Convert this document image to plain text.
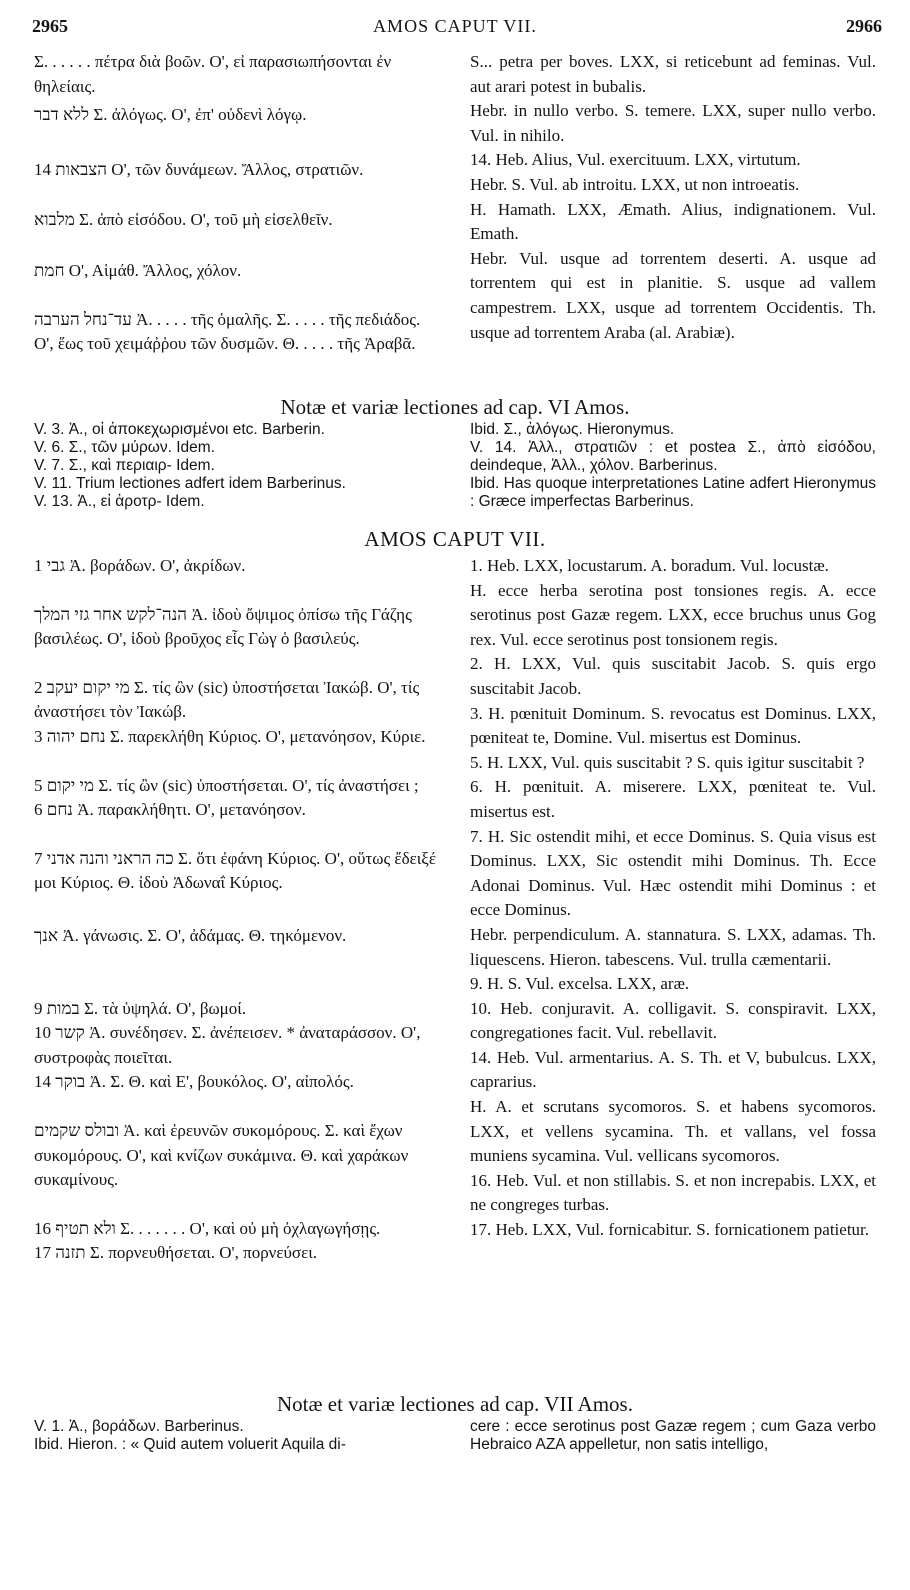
2965	AMOS CAPUT VII.	2966
Σ. . . . . . πέτρα διὰ βοῶν. Ο', εἰ παρασιωπήσονται ἐν θηλείαις.
ללא דבר Σ. ἀλόγως. Ο', ἐπ' οὐδενὶ λόγῳ.
הצבאות 14 Ο', τῶν δυνάμεων. Ἄλλος, στρατιῶν.
מלבוא Σ. ἀπὸ εἰσόδου. Ο', τοῦ μὴ εἰσελθεῖν.
חמת Ο', Αἱμάθ. Ἄλλος, χόλον.
עד־נחל הערבה Ἀ. . . . . τῆς ὁμαλῆς. Σ. . . . . τῆς πεδιάδος. Ο', ἕως τοῦ χειμάῤῥου τῶν δυσμῶν. Θ. . . . . τῆς Ἀραβᾶ.
S... petra per boves. LXX, si reticebunt ad feminas. Vul. aut arari potest in bubalis.
Hebr. in nullo verbo. S. temere. LXX, super nullo verbo. Vul. in nihilo.
14. Heb. Alius, Vul. exercituum. LXX, virtutum.
Hebr. S. Vul. ab introitu. LXX, ut non introeatis.
H. Hamath. LXX, Æmath. Alius, indignationem. Vul. Emath.
Hebr. Vul. usque ad torrentem deserti. A. usque ad torrentem qui est in planitie. S. usque ad vallem campestrem. LXX, usque ad torrentem Occidentis. Th. usque ad torrentem Araba (al. Arabiæ).
Notæ et variæ lectiones ad cap. VI Amos.
V. 3. Ἀ., οἱ ἀποκεχωρισμένοι etc. Barberin.
V. 6. Σ., τῶν μύρων. Idem.
V. 7. Σ., καὶ περιαιρ- Idem.
V. 11. Trium lectiones adfert idem Barberinus.
V. 13. Ἀ., εἰ ἀροτρ- Idem.
Ibid. Σ., ἀλόγως. Hieronymus.
V. 14. Ἀλλ., στρατιῶν : et postea Σ., ἀπὸ εἰσόδου, deindeque, Ἀλλ., χόλον. Barberinus.
Ibid. Has quoque interpretationes Latine adfert Hieronymus : Græce imperfectas Barberinus.
AMOS CAPUT VII.
גבי 1 Ἀ. βοράδων. Ο', ἀκρίδων.
הנה־לקש אחר גזי המלך Ἀ. ἰδοὺ ὄψιμος ὀπίσω τῆς Γάζης βασιλέως. Ο', ἰδοὺ βροῦχος εἷς Γὼγ ὁ βασιλεύς.
מי יקום יעקב 2 Σ. τίς ὢν (sic) ὑποστήσεται Ἰακώβ. Ο', τίς ἀναστήσει τὸν Ἰακώβ.
נחם יהוה 3 Σ. παρεκλήθη Κύριος. Ο', μετανόησον, Κύριε.
מי יקום 5 Σ. τίς ὢν (sic) ὑποστήσεται. Ο', τίς ἀναστήσει ;
נחם 6 Ἀ. παρακλήθητι. Ο', μετανόησον.
כה הראני והנה אדני 7 Σ. ὅτι ἐφάνη Κύριος. Ο', οὕτως ἔδειξέ μοι Κύριος. Θ. ἰδοὺ Ἀδωναΐ Κύριος.
אנך Ἀ. γάνωσις. Σ. Ο', ἀδάμας. Θ. τηκόμενον.
במות 9 Σ. τὰ ὑψηλά. Ο', βωμοί.
קשר 10 Ἀ. συνέδησεν. Σ. ἀνέπεισεν. * ἀναταράσσον. Ο', συστροφὰς ποιεῖται.
בוקר 14 Ἀ. Σ. Θ. καὶ Ε', βουκόλος. Ο', αἰπολός.
ובולס שקמים Ἀ. καὶ ἐρευνῶν συκομόρους. Σ. καὶ ἔχων συκομόρους. Ο', καὶ κνίζων συκάμινα. Θ. καὶ χαράκων συκαμίνους.
ולא תטיף 16 Σ. . . . . . . Ο', καὶ οὐ μὴ ὀχλαγωγήσῃς.
תזנה 17 Σ. πορνευθήσεται. Ο', πορνεύσει.
1. Heb. LXX, locustarum. A. boradum. Vul. locustæ.
H. ecce herba serotina post tonsiones regis. A. ecce serotinus post Gazæ regem. LXX, ecce bruchus unus Gog rex. Vul. ecce serotinus post tonsionem regis.
2. H. LXX, Vul. quis suscitabit Jacob. S. quis ergo suscitabit Jacob.
3. H. pœnituit Dominum. S. revocatus est Dominus. LXX, pœniteat te, Domine. Vul. misertus est Dominus.
5. H. LXX, Vul. quis suscitabit ? S. quis igitur suscitabit ?
6. H. pœnituit. A. miserere. LXX, pœniteat te. Vul. misertus est.
7. H. Sic ostendit mihi, et ecce Dominus. S. Quia visus est Dominus. LXX, Sic ostendit mihi Dominus. Th. Ecce Adonai Dominus. Vul. Hæc ostendit mihi Dominus : et ecce Dominus.
Hebr. perpendiculum. A. stannatura. S. LXX, adamas. Th. liquescens. Hieron. tabescens. Vul. trulla cæmentarii.
9. H. S. Vul. excelsa. LXX, aræ.
10. Heb. conjuravit. A. colligavit. S. conspiravit. LXX, congregationes facit. Vul. rebellavit.
14. Heb. Vul. armentarius. A. S. Th. et V, bubulcus. LXX, caprarius.
H. A. et scrutans sycomoros. S. et habens sycomoros. LXX, et vellens sycamina. Th. et vallans, vel fossa muniens sycamina. Vul. vellicans sycomoros.
16. Heb. Vul. et non stillabis. S. et non increpabis. LXX, et ne congreges turbas.
17. Heb. LXX, Vul. fornicabitur. S. fornicationem patietur.
Notæ et variæ lectiones ad cap. VII Amos.
V. 1. Ἀ., βοράδων. Barberinus.
Ibid. Hieron. : « Quid autem voluerit Aquila di-
cere : ecce serotinus post Gazæ regem ; cum Gaza verbo Hebraico AZA appelletur, non satis intelligo,
